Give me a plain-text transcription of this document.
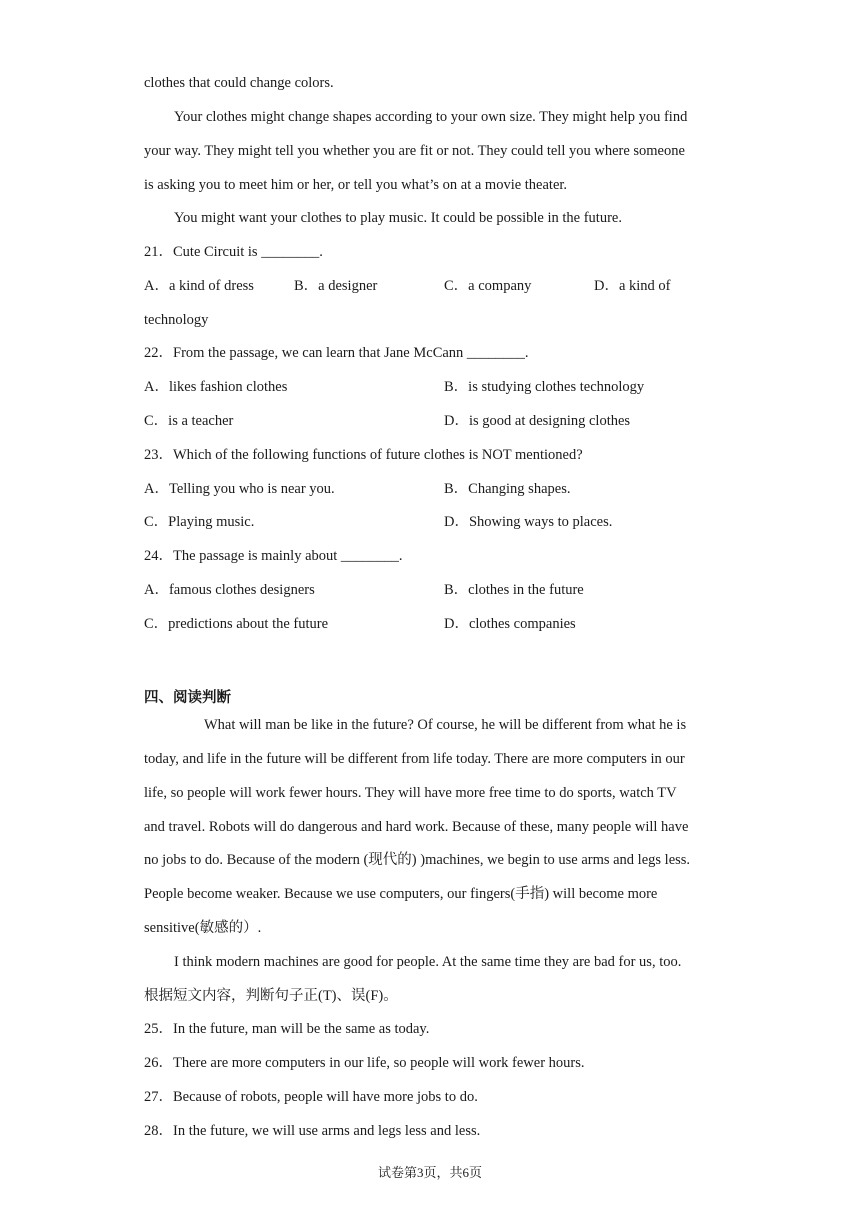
clothes that could change colors.
Your clothes might change shapes according to your own size. They might help you find
your way. They might tell you whether you are fit or not. They could tell you where someone
is asking you to meet him or her, or tell you what’s on at a movie theater.
You might want your clothes to play music. It could be possible in the future.
21．Cute Circuit is ________.
A．a kind of dress	B．a designer	C．a company	D．a kind of
technology
22．From the passage, we can learn that Jane McCann ________.
A．likes fashion clothes	B．is studying clothes technology
C．is a teacher	D．is good at designing clothes
23．Which of the following functions of future clothes is NOT mentioned?
A．Telling you who is near you.	B．Changing shapes.
C．Playing music.	D．Showing ways to places.
24．The passage is mainly about ________.
A．famous clothes designers	B．clothes in the future
C．predictions about the future	D．clothes companies
四、阅读判断
What will man be like in the future? Of course, he will be different from what he is
today, and life in the future will be different from life today. There are more computers in our
life, so people will work fewer hours. They will have more free time to do sports, watch TV
and travel. Robots will do dangerous and hard work. Because of these, many people will have
no jobs to do. Because of the modern (现代的) )machines, we begin to use arms and legs less.
People become weaker. Because we use computers, our fingers(手指) will become more
sensitive(敏感的）.
I think modern machines are good for people. At the same time they are bad for us, too.
根据短文内容，判断句子正(T)、误(F)。
25．In the future, man will be the same as today.
26．There are more computers in our life, so people will work fewer hours.
27．Because of robots, people will have more jobs to do.
28．In the future, we will use arms and legs less and less.
试卷第3页，共6页
